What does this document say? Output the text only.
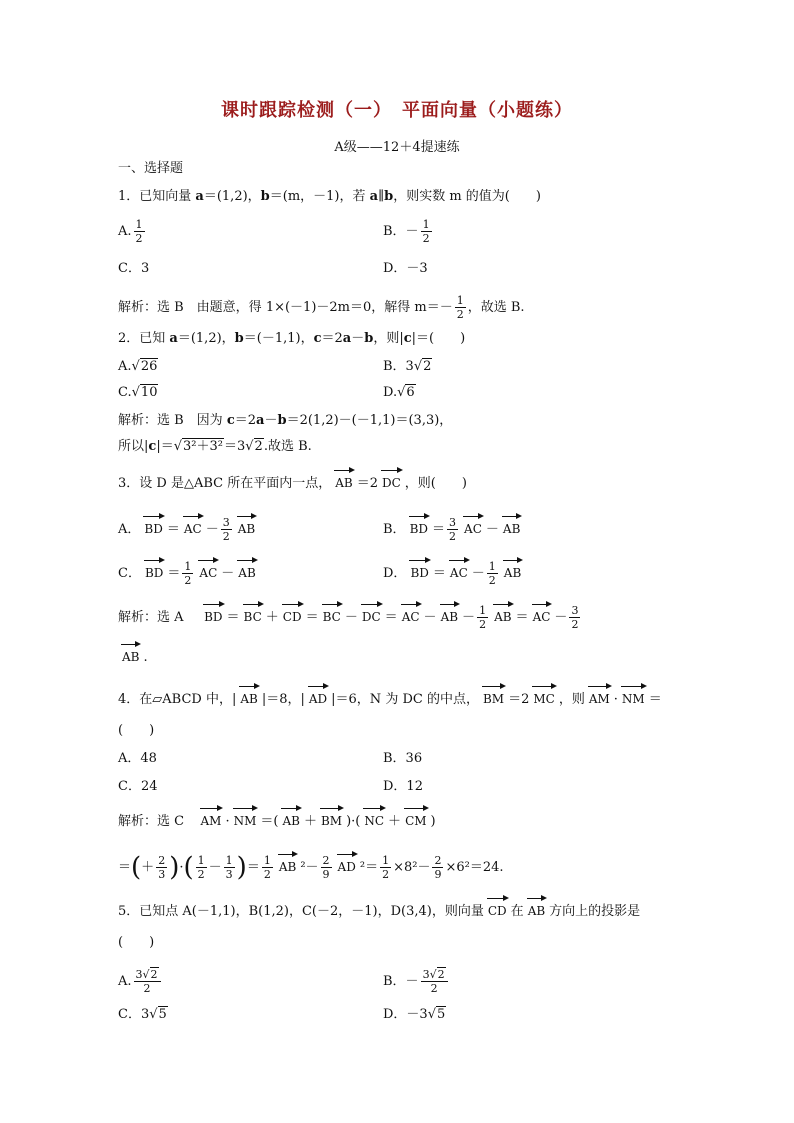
课时跟踪检测（一）　平面向量（小题练）
A级——12＋4提速练
一、选择题
1．已知向量 a＝(1,2)，b＝(m，－1)，若 a∥b，则实数 m 的值为(　　)
A. $\frac{1}{2}$	B．－ $\frac{1}{2}$
C．3	D．－3
解析：选 B　由题意，得 1×(－1)－2m＝0，解得 $m=- \frac{1}{2}$ ，故选 B.
2．已知 a＝(1,2)，b＝(－1,1)，c＝2a－b，则|c|＝(　　)
A.√26	B．3√2
C.√10	D.√6
解析：选 B　因为 c＝2a－b＝2(1,2)－(－1,1)＝(3,3)，
所以|c|＝√3²＋3²＝3√2.故选 B.
3．设 D 是△ABC 所在平面内一点， AB ＝2 DC ，则(　　)
A． BD ＝ AC － $\frac{3}{2}$ AB	B． BD ＝ $\frac{3}{2}$ AC － AB
C． BD ＝ $\frac{1}{2}$ AC － AB	D． BD ＝ AC － $\frac{1}{2}$ AB
解析：选 A BD ＝ BC ＋ CD ＝ BC － DC ＝ AC － AB － $\frac{1}{2}$ AB ＝ AC － $\frac{3}{2}$
AB .
4．在▱ABCD 中，| AB |＝8，| AD |＝6，N 为 DC 的中点， BM ＝2 MC ，则 AM · NM ＝
(　　)
A．48	B．36
C．24	D．12
解析：选 C AM · NM ＝( AB ＋ BM )·( NC ＋ CM )
＝(＋ $\frac{2}{3}$ )·( $\frac{1}{2} - \frac{1}{3}$ )＝ $\frac{1}{2}$ AB $^2- \frac{2}{9}$ AD $^2= \frac{1}{2} \times 8^2- \frac{2}{9} \times 6^2=24$.
5．已知点 A(－1,1)，B(1,2)，C(－2，－1)，D(3,4)，则向量 CD 在 AB 方向上的投影是
(　　)
A. $\frac{3√2}{2}$	B．－ $\frac{3√2}{2}$
C．3√5	D．－3√5
